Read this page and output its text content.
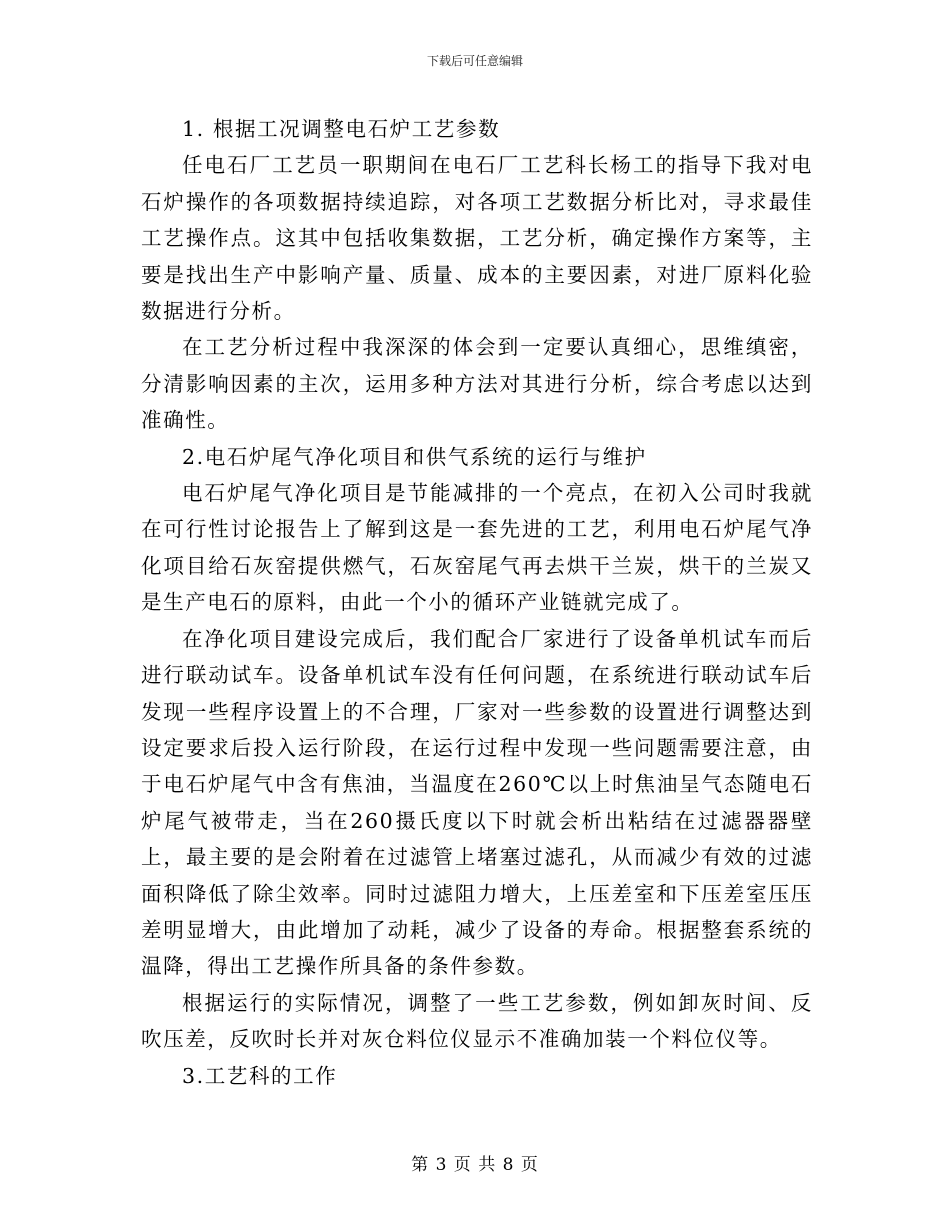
下载后可任意编辑

1. 根据工况调整电石炉工艺参数

任电石厂工艺员一职期间在电石厂工艺科长杨工的指导下我对电石炉操作的各项数据持续追踪，对各项工艺数据分析比对，寻求最佳工艺操作点。这其中包括收集数据，工艺分析，确定操作方案等，主要是找出生产中影响产量、质量、成本的主要因素，对进厂原料化验数据进行分析。

在工艺分析过程中我深深的体会到一定要认真细心，思维缜密，分清影响因素的主次，运用多种方法对其进行分析，综合考虑以达到准确性。

2.电石炉尾气净化项目和供气系统的运行与维护

电石炉尾气净化项目是节能减排的一个亮点，在初入公司时我就在可行性讨论报告上了解到这是一套先进的工艺，利用电石炉尾气净化项目给石灰窑提供燃气，石灰窑尾气再去烘干兰炭，烘干的兰炭又是生产电石的原料，由此一个小的循环产业链就完成了。

在净化项目建设完成后，我们配合厂家进行了设备单机试车而后进行联动试车。设备单机试车没有任何问题，在系统进行联动试车后发现一些程序设置上的不合理，厂家对一些参数的设置进行调整达到设定要求后投入运行阶段，在运行过程中发现一些问题需要注意，由于电石炉尾气中含有焦油，当温度在260℃以上时焦油呈气态随电石炉尾气被带走，当在260摄氏度以下时就会析出粘结在过滤器器壁上，最主要的是会附着在过滤管上堵塞过滤孔，从而减少有效的过滤面积降低了除尘效率。同时过滤阻力增大，上压差室和下压差室压压差明显增大，由此增加了动耗，减少了设备的寿命。根据整套系统的温降，得出工艺操作所具备的条件参数。

根据运行的实际情况，调整了一些工艺参数，例如卸灰时间、反吹压差，反吹时长并对灰仓料位仪显示不准确加装一个料位仪等。

3.工艺科的工作

第 3 页 共 8 页
